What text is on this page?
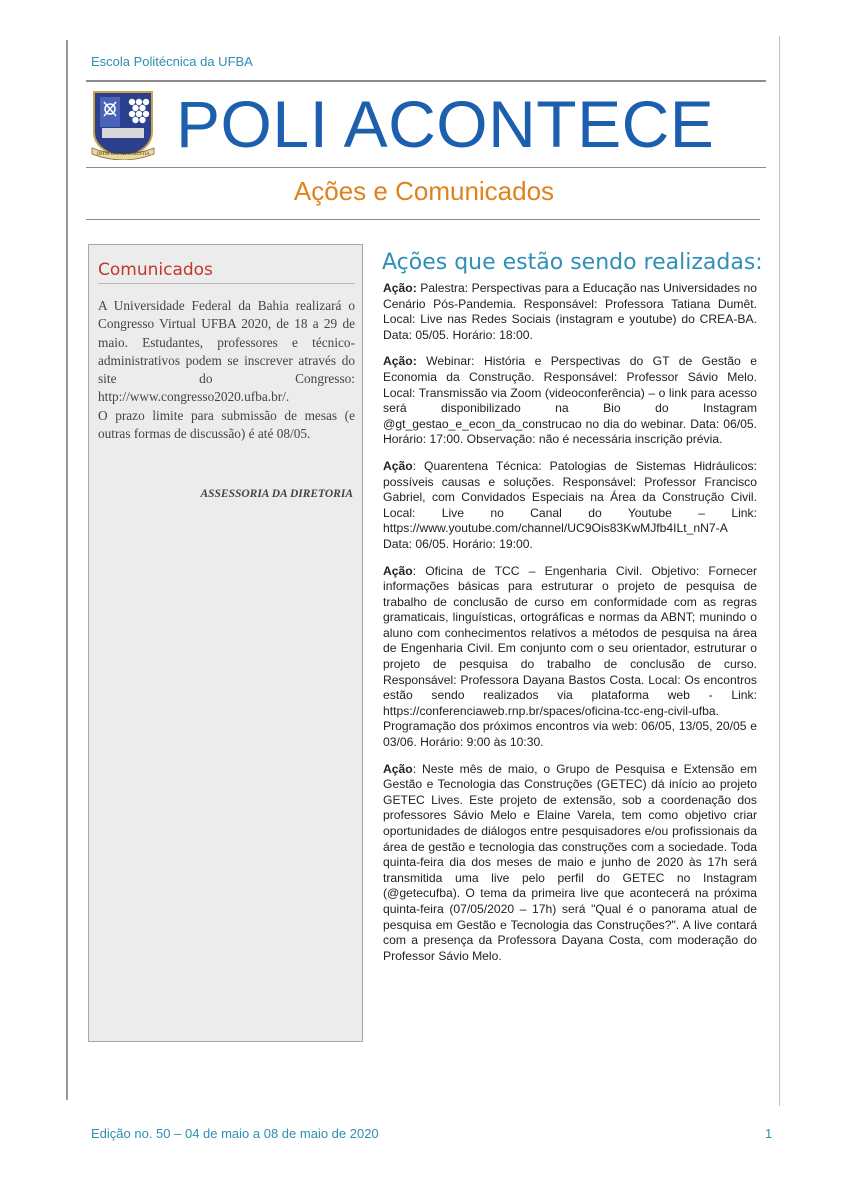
Escola Politécnica da UFBA
OMNI DATVR SCIENTIA POLI ACONTECE
Ações e Comunicados
Comunicados

A Universidade Federal da Bahia realizará o Congresso Virtual UFBA 2020, de 18 a 29 de maio. Estudantes, professores e técnico-administrativos podem se inscrever através do site do Congresso: http://www.congresso2020.ufba.br/.

O prazo limite para submissão de mesas (e outras formas de discussão) é até 08/05.

ASSESSORIA DA DIRETORIA
Ações que estão sendo realizadas:

Ação: Palestra: Perspectivas para a Educação nas Universidades no Cenário Pós-Pandemia. Responsável: Professora Tatiana Dumêt. Local: Live nas Redes Sociais (instagram e youtube) do CREA-BA. Data: 05/05. Horário: 18:00.

Ação: Webinar: História e Perspectivas do GT de Gestão e Economia da Construção. Responsável: Professor Sávio Melo. Local: Transmissão via Zoom (videoconferência) – o link para acesso será disponibilizado na Bio do Instagram @gt_gestao_e_econ_da_construcao no dia do webinar. Data: 06/05. Horário: 17:00. Observação: não é necessária inscrição prévia.

Ação: Quarentena Técnica: Patologias de Sistemas Hidráulicos: possíveis causas e soluções. Responsável: Professor Francisco Gabriel, com Convidados Especiais na Área da Construção Civil. Local: Live no Canal do Youtube – Link: https://www.youtube.com/channel/UC9Ois83KwMJfb4ILt_nN7-A Data: 06/05. Horário: 19:00.

Ação: Oficina de TCC – Engenharia Civil. Objetivo: Fornecer informações básicas para estruturar o projeto de pesquisa de trabalho de conclusão de curso em conformidade com as regras gramaticais, linguísticas, ortográficas e normas da ABNT; munindo o aluno com conhecimentos relativos a métodos de pesquisa na área de Engenharia Civil. Em conjunto com o seu orientador, estruturar o projeto de pesquisa do trabalho de conclusão de curso. Responsável: Professora Dayana Bastos Costa. Local: Os encontros estão sendo realizados via plataforma web - Link: https://conferenciaweb.rnp.br/spaces/oficina-tcc-eng-civil-ufba. Programação dos próximos encontros via web: 06/05, 13/05, 20/05 e 03/06. Horário: 9:00 às 10:30.

Ação: Neste mês de maio, o Grupo de Pesquisa e Extensão em Gestão e Tecnologia das Construções (GETEC) dá início ao projeto GETEC Lives. Este projeto de extensão, sob a coordenação dos professores Sávio Melo e Elaine Varela, tem como objetivo criar oportunidades de diálogos entre pesquisadores e/ou profissionais da área de gestão e tecnologia das construções com a sociedade. Toda quinta-feira dia dos meses de maio e junho de 2020 às 17h será transmitida uma live pelo perfil do GETEC no Instagram (@getecufba). O tema da primeira live que acontecerá na próxima quinta-feira (07/05/2020 – 17h) será "Qual é o panorama atual de pesquisa em Gestão e Tecnologia das Construções?". A live contará com a presença da Professora Dayana Costa, com moderação do Professor Sávio Melo.

Edição no. 50 – 04 de maio a 08 de maio de 2020	1
